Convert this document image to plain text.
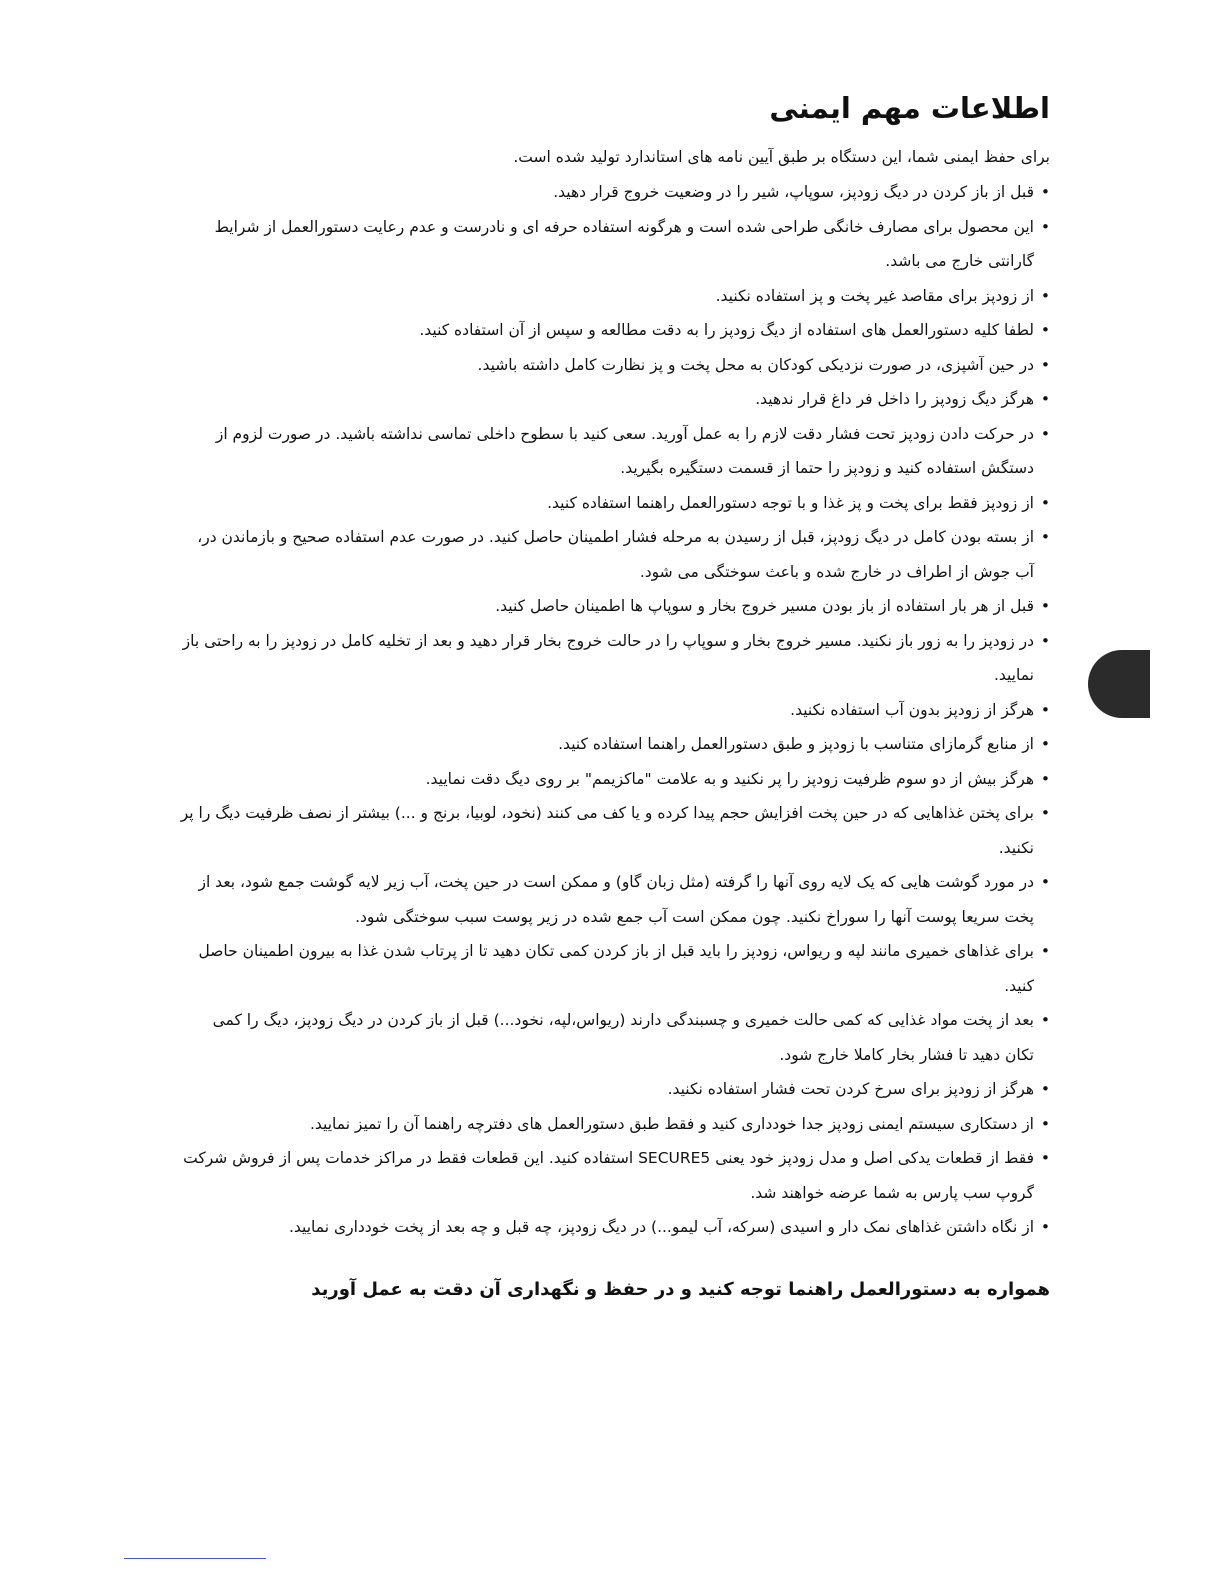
اطلاعات مهم ایمنی

برای حفظ ایمنی شما، این دستگاه بر طبق آیین نامه های استاندارد تولید شده است.

• قبل از باز کردن در دیگ زودپز، سوپاپ، شیر را در وضعیت خروج قرار دهید.
• این محصول برای مصارف خانگی طراحی شده است و هرگونه استفاده حرفه ای و نادرست و عدم رعایت دستورالعمل از شرایط گارانتی خارج می باشد.
• از زودپز برای مقاصد غیر پخت و پز استفاده نکنید.
• لطفا کلیه دستورالعمل های استفاده از دیگ زودپز را به دقت مطالعه و سپس از آن استفاده کنید.
• در حین آشپزی، در صورت نزدیکی کودکان به محل پخت و پز نظارت کامل داشته باشید.
• هرگز دیگ زودپز را داخل فر داغ قرار ندهید.
• در حرکت دادن زودپز تحت فشار دقت لازم را به عمل آورید. سعی کنید با سطوح داخلی تماسی نداشته باشید. در صورت لزوم از دستگش استفاده کنید و زودپز را حتما از قسمت دستگیره بگیرید.
• از زودپز فقط برای پخت و پز غذا و با توجه دستورالعمل راهنما استفاده کنید.
• از بسته بودن کامل در دیگ زودپز، قبل از رسیدن به مرحله فشار اطمینان حاصل کنید. در صورت عدم استفاده صحیح و بازماندن در، آب جوش از اطراف در خارج شده و باعث سوختگی می شود.
• قبل از هر بار استفاده از باز بودن مسیر خروج بخار و سوپاپ ها اطمینان حاصل کنید.
• در زودپز را به زور باز نکنید. مسیر خروج بخار و سوپاپ را در حالت خروج بخار قرار دهید و بعد از تخلیه کامل در زودپز را به راحتی باز نمایید.
• هرگز از زودپز بدون آب استفاده نکنید.
• از منابع گرمازای متناسب با زودپز و طبق دستورالعمل راهنما استفاده کنید.
• هرگز بیش از دو سوم ظرفیت زودپز را پر نکنید و به علامت "ماکزیمم" بر روی دیگ دقت نمایید.
• برای پختن غذاهایی که در حین پخت افزایش حجم پیدا کرده و یا کف می کنند (نخود، لوبیا، برنج و ...) بیشتر از نصف ظرفیت دیگ را پر نکنید.
• در مورد گوشت هایی که یک لایه روی آنها را گرفته (مثل زبان گاو) و ممکن است در حین پخت، آب زیر لایه گوشت جمع شود، بعد از پخت سریعا پوست آنها را سوراخ نکنید. چون ممکن است آب جمع شده در زیر پوست سبب سوختگی شود.
• برای غذاهای خمیری مانند لپه و ریواس، زودپز را باید قبل از باز کردن کمی تکان دهید تا از پرتاب شدن غذا به بیرون اطمینان حاصل کنید.
• بعد از پخت مواد غذایی که کمی حالت خمیری و چسبندگی دارند (ریواس،لپه، نخود...) قبل از باز کردن در دیگ زودپز، دیگ را کمی تکان دهید تا فشار بخار کاملا خارج شود.
• هرگز از زودپز برای سرخ کردن تحت فشار استفاده نکنید.
• از دستکاری سیستم ایمنی زودپز جدا خودداری کنید و فقط طبق دستورالعمل های دفترچه راهنما آن را تمیز نمایید.
• فقط از قطعات یدکی اصل و مدل زودپز خود یعنی SECURE5 استفاده کنید. این قطعات فقط در مراکز خدمات پس از فروش شرکت گروپ سب پارس به شما عرضه خواهند شد.
• از نگاه داشتن غذاهای نمک دار و اسیدی (سرکه، آب لیمو...) در دیگ زودپز، چه قبل و چه بعد از پخت خودداری نمایید.

همواره به دستورالعمل راهنما توجه کنید و در حفظ و نگهداری آن دقت به عمل آورید
